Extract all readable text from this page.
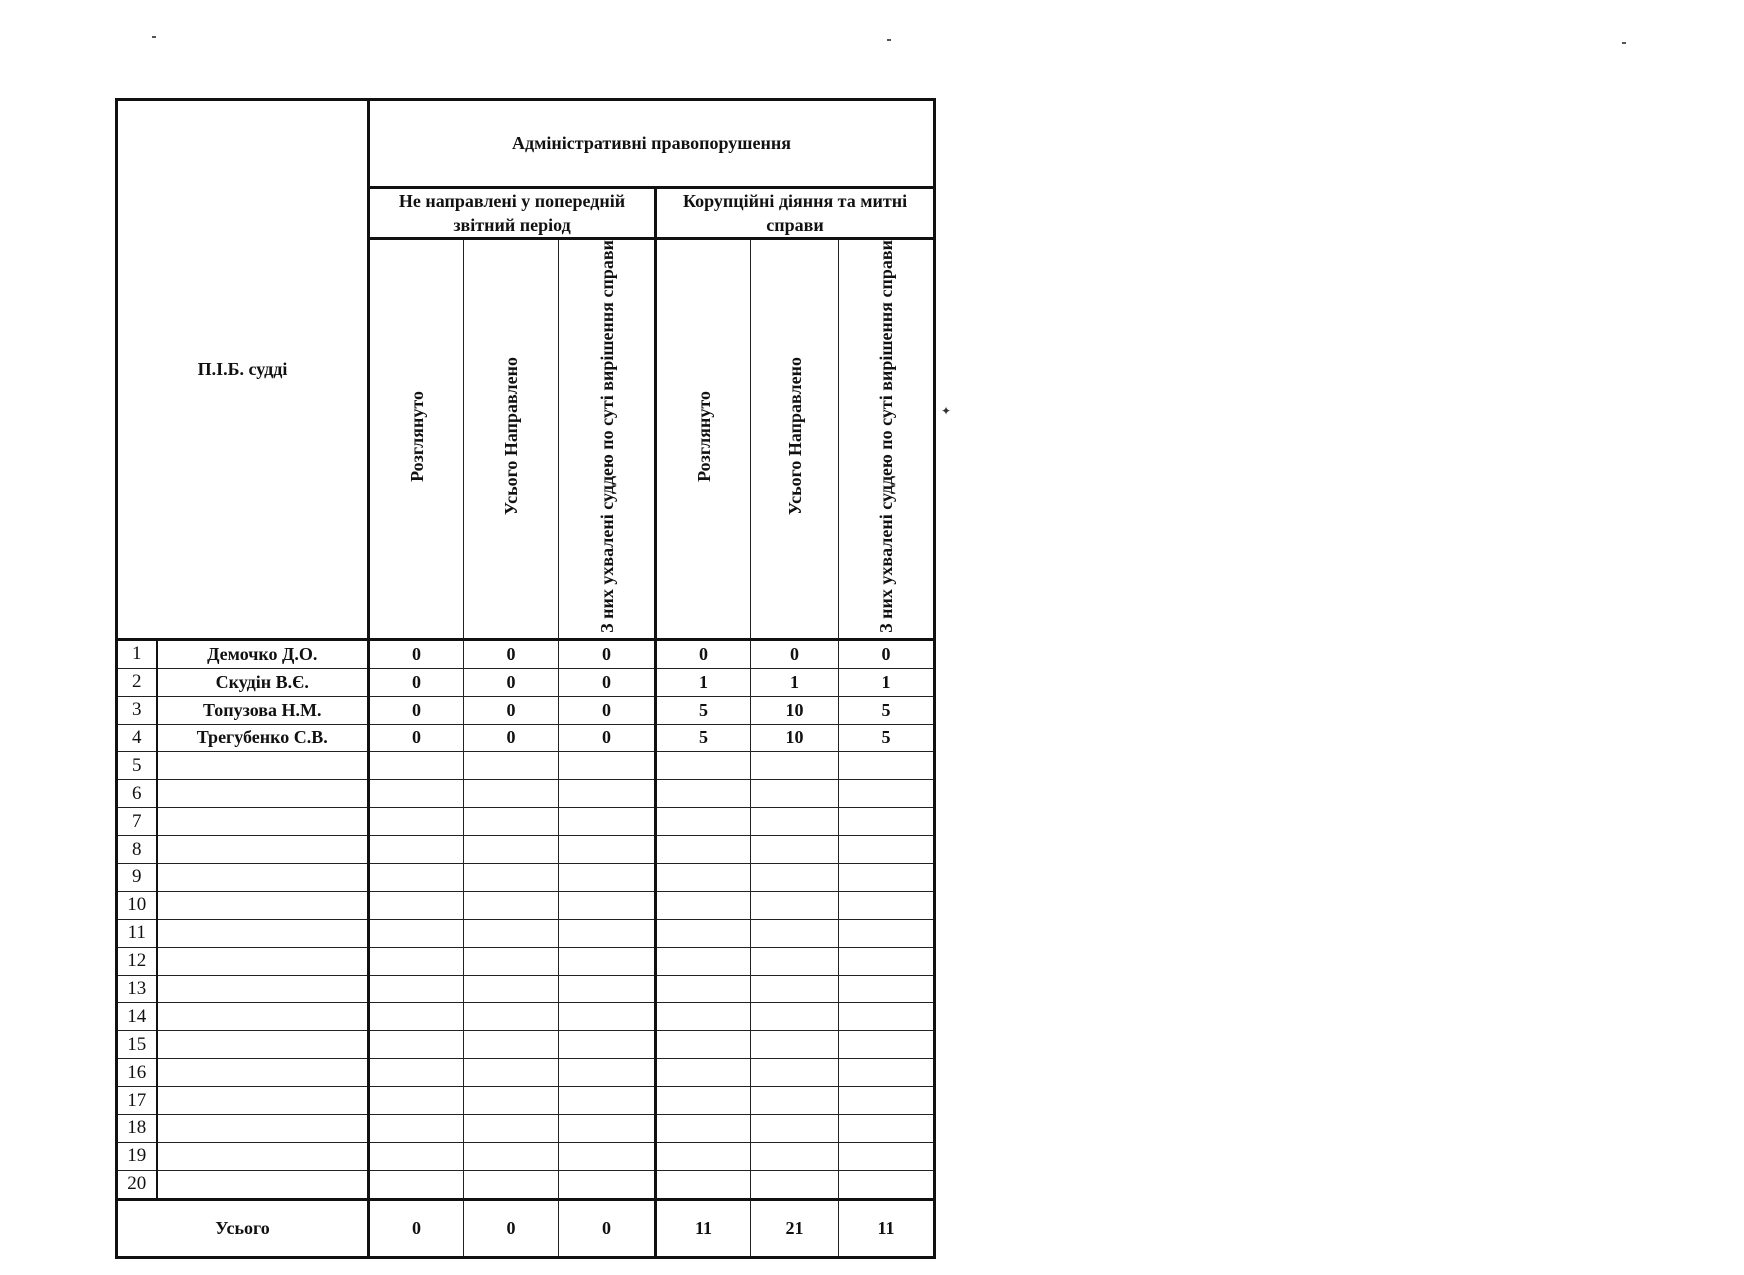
✦
П.І.Б. судді		Адміністративні правопорушення					
		Не направлені у попередній звітний період			Корупційні діяння та митні справи		
		Розглянуто	Усього Направлено	З них ухвалені суддею по суті вирішення справи	Розглянуто	Усього Направлено	З них ухвалені суддею по суті вирішення справи
1	Демочко Д.О.	0	0	0	0	0	0
2	Скудін В.Є.	0	0	0	1	1	1
3	Топузова Н.М.	0	0	0	5	10	5
4	Трегубенко С.В.	0	0	0	5	10	5
5							
6							
7							
8							
9							
10							
11							
12							
13							
14							
15							
16							
17							
18							
19							
20							
Усього		0	0	0	11	21	11
